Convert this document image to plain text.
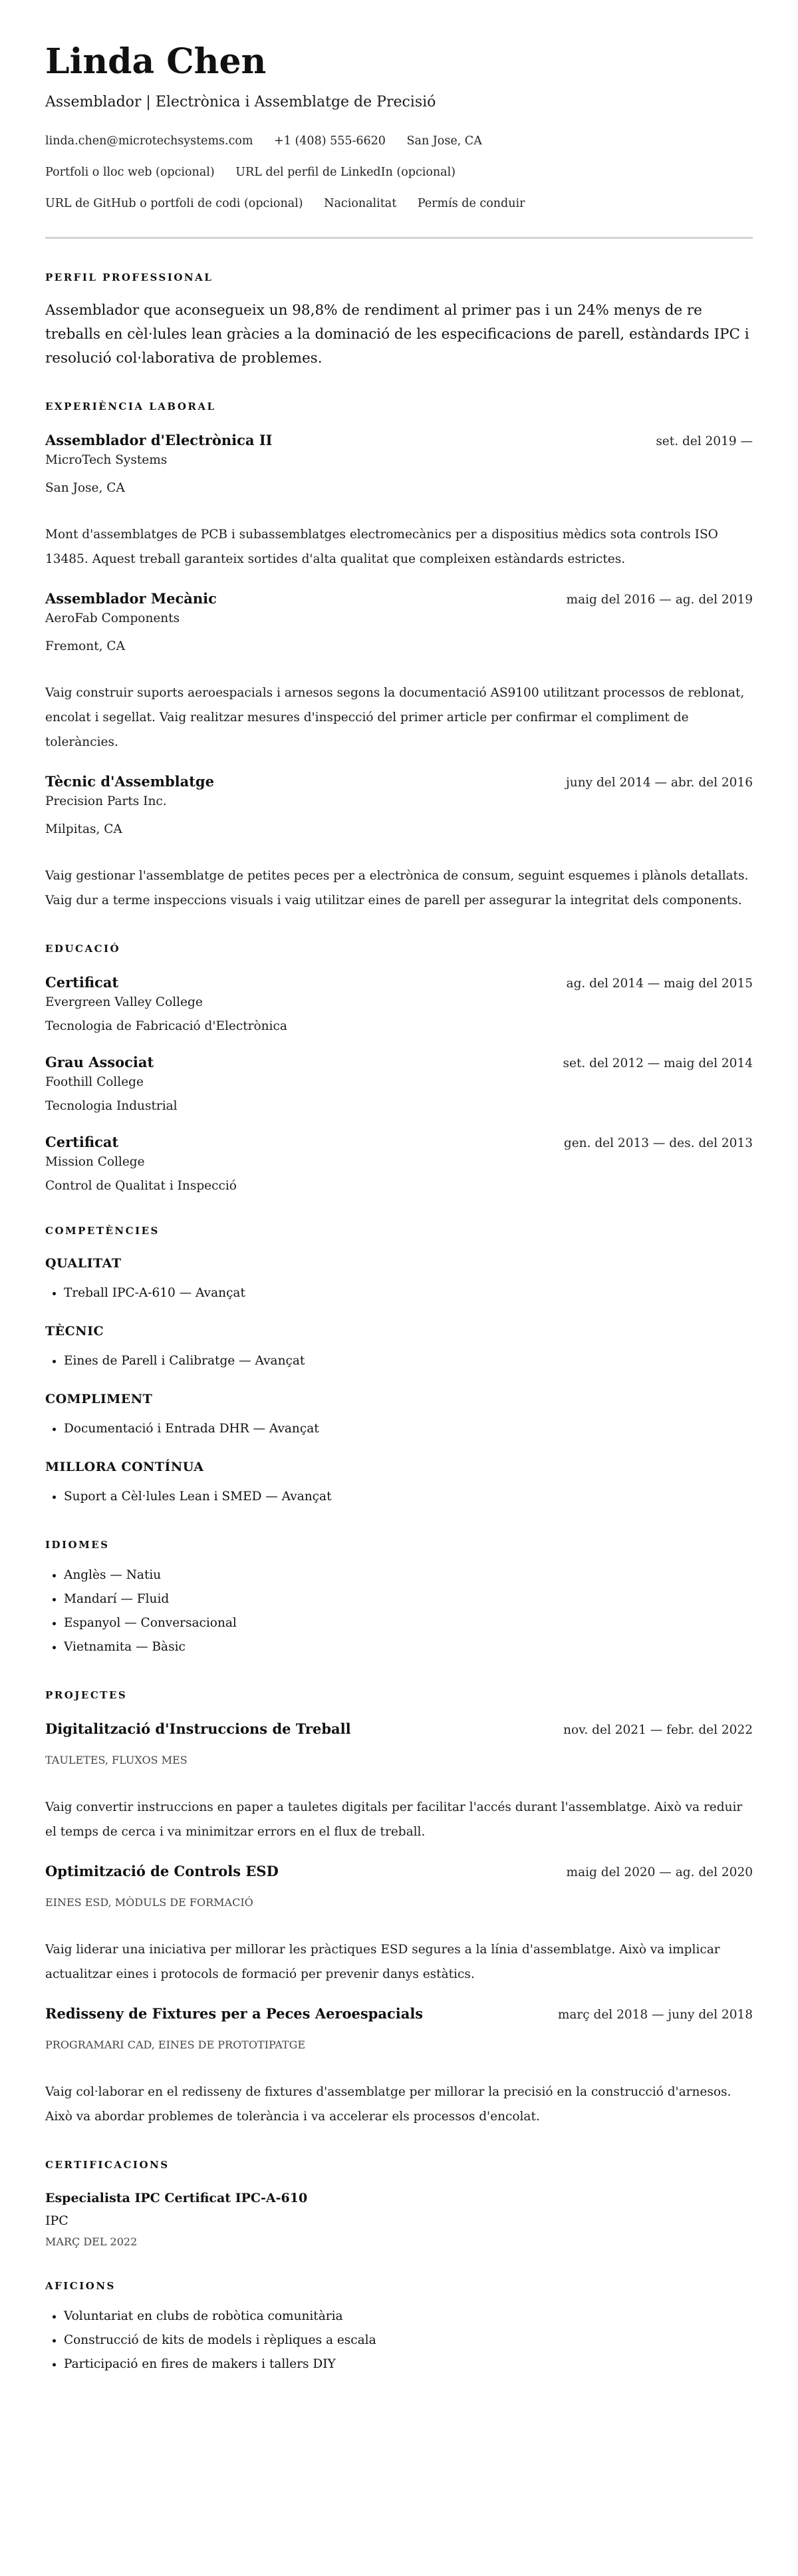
Linda Chen
Assemblador | Electrònica i Assemblatge de Precisió
linda.chen@microtechsystems.com +1 (408) 555-6620 San Jose, CA
Portfoli o lloc web (opcional) URL del perfil de LinkedIn (opcional)
URL de GitHub o portfoli de codi (opcional) Nacionalitat Permís de conduir
PERFIL PROFESSIONAL

Assemblador que aconsegueix un 98,8% de rendiment al primer pas i un 24% menys de re treballs en cèl·lules lean gràcies a la dominació de les especificacions de parell, estàndards IPC i resolució col·laborativa de problemes.

EXPERIÈNCIA LABORAL
Assemblador d'Electrònica II	set. del 2019 —
MicroTech Systems
San Jose, CA
Mont d'assemblatges de PCB i subassemblatges electromecànics per a dispositius mèdics sota controls ISO 13485. Aquest treball garanteix sortides d'alta qualitat que compleixen estàndards estrictes.
Assemblador Mecànic	maig del 2016 — ag. del 2019
AeroFab Components
Fremont, CA
Vaig construir suports aeroespacials i arnesos segons la documentació AS9100 utilitzant processos de reblonat, encolat i segellat. Vaig realitzar mesures d'inspecció del primer article per confirmar el compliment de toleràncies.
Tècnic d'Assemblatge	juny del 2014 — abr. del 2016
Precision Parts Inc.
Milpitas, CA
Vaig gestionar l'assemblatge de petites peces per a electrònica de consum, seguint esquemes i plànols detallats. Vaig dur a terme inspeccions visuals i vaig utilitzar eines de parell per assegurar la integritat dels components.
EDUCACIÓ
Certificat	ag. del 2014 — maig del 2015
Evergreen Valley College
Tecnologia de Fabricació d'Electrònica
Grau Associat	set. del 2012 — maig del 2014
Foothill College
Tecnologia Industrial
Certificat	gen. del 2013 — des. del 2013
Mission College
Control de Qualitat i Inspecció
COMPETÈNCIES
QUALITAT
• Treball IPC-A-610 — Avançat
TÈCNIC
• Eines de Parell i Calibratge — Avançat
COMPLIMENT
• Documentació i Entrada DHR — Avançat
MILLORA CONTÍNUA
• Suport a Cèl·lules Lean i SMED — Avançat
IDIOMES
• Anglès — Natiu
• Mandarí — Fluid
• Espanyol — Conversacional
• Vietnamita — Bàsic
PROJECTES
Digitalització d'Instruccions de Treball	nov. del 2021 — febr. del 2022
TAULETES, FLUXOS MES
Vaig convertir instruccions en paper a tauletes digitals per facilitar l'accés durant l'assemblatge. Això va reduir el temps de cerca i va minimitzar errors en el flux de treball.
Optimització de Controls ESD	maig del 2020 — ag. del 2020
EINES ESD, MÒDULS DE FORMACIÓ
Vaig liderar una iniciativa per millorar les pràctiques ESD segures a la línia d'assemblatge. Això va implicar actualitzar eines i protocols de formació per prevenir danys estàtics.
Redisseny de Fixtures per a Peces Aeroespacials	març del 2018 — juny del 2018
PROGRAMARI CAD, EINES DE PROTOTIPATGE
Vaig col·laborar en el redisseny de fixtures d'assemblatge per millorar la precisió en la construcció d'arnesos. Això va abordar problemes de tolerància i va accelerar els processos d'encolat.
CERTIFICACIONS
Especialista IPC Certificat IPC-A-610
IPC
MARÇ DEL 2022
AFICIONS
• Voluntariat en clubs de robòtica comunitària
• Construcció de kits de models i rèpliques a escala
• Participació en fires de makers i tallers DIY
